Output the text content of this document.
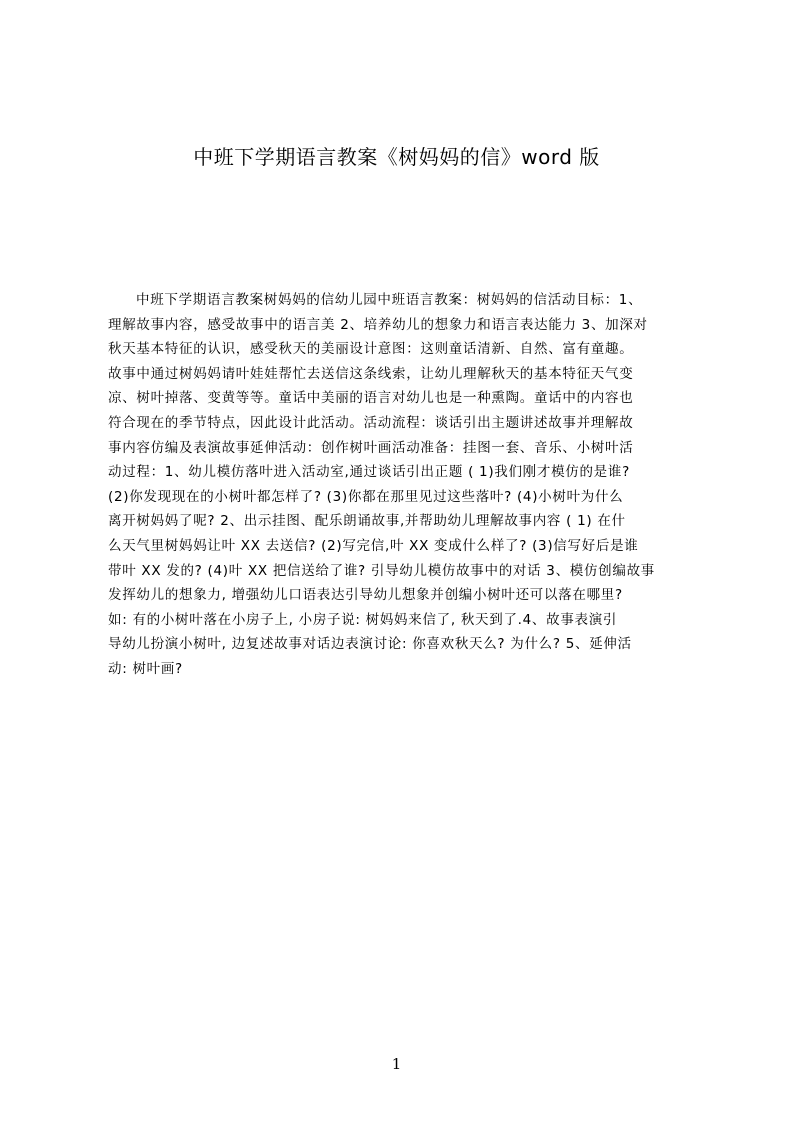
中班下学期语言教案《树妈妈的信》word 版
中班下学期语言教案树妈妈的信幼儿园中班语言教案：树妈妈的信活动目标：1、
理解故事内容，感受故事中的语言美 2、培养幼儿的想象力和语言表达能力 3、加深对
秋天基本特征的认识，感受秋天的美丽设计意图：这则童话清新、自然、富有童趣。
故事中通过树妈妈请叶娃娃帮忙去送信这条线索，让幼儿理解秋天的基本特征天气变
凉、树叶掉落、变黄等等。童话中美丽的语言对幼儿也是一种熏陶。童话中的内容也
符合现在的季节特点，因此设计此活动。活动流程：谈话引出主题讲述故事并理解故
事内容仿编及表演故事延伸活动：创作树叶画活动准备：挂图一套、音乐、小树叶活
动过程：1、幼儿模仿落叶进入活动室,通过谈话引出正题 ( 1)我们刚才模仿的是谁?
(2)你发现现在的小树叶都怎样了? (3)你都在那里见过这些落叶? (4)小树叶为什么
离开树妈妈了呢? 2、出示挂图、配乐朗诵故事,并帮助幼儿理解故事内容 ( 1) 在什
么天气里树妈妈让叶 XX 去送信? (2)写完信,叶 XX 变成什么样了? (3)信写好后是谁
带叶 XX 发的? (4)叶 XX 把信送给了谁? 引导幼儿模仿故事中的对话 3、模仿创编故事
发挥幼儿的想象力, 增强幼儿口语表达引导幼儿想象并创编小树叶还可以落在哪里?
如: 有的小树叶落在小房子上, 小房子说: 树妈妈来信了, 秋天到了.4、故事表演引
导幼儿扮演小树叶, 边复述故事对话边表演讨论: 你喜欢秋天么? 为什么? 5、延伸活
动: 树叶画?
1
